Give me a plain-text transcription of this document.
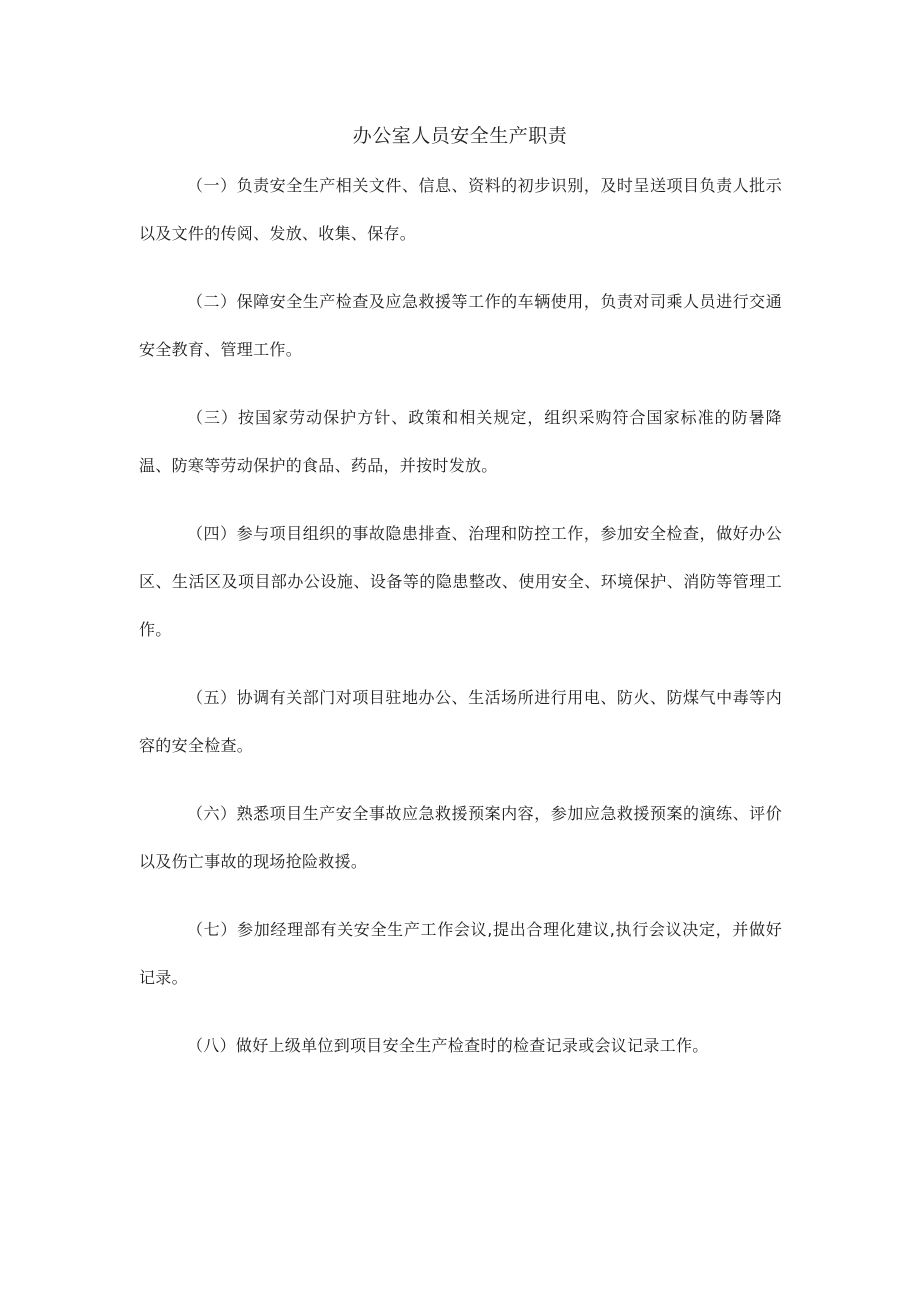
办公室人员安全生产职责

（一）负责安全生产相关文件、信息、资料的初步识别，及时呈送项目负责人批示以及文件的传阅、发放、收集、保存。

（二）保障安全生产检查及应急救援等工作的车辆使用，负责对司乘人员进行交通安全教育、管理工作。

（三）按国家劳动保护方针、政策和相关规定，组织采购符合国家标准的防暑降温、防寒等劳动保护的食品、药品，并按时发放。

（四）参与项目组织的事故隐患排查、治理和防控工作，参加安全检查，做好办公区、生活区及项目部办公设施、设备等的隐患整改、使用安全、环境保护、消防等管理工作。

（五）协调有关部门对项目驻地办公、生活场所进行用电、防火、防煤气中毒等内容的安全检查。

（六）熟悉项目生产安全事故应急救援预案内容，参加应急救援预案的演练、评价以及伤亡事故的现场抢险救援。

（七）参加经理部有关安全生产工作会议,提出合理化建议,执行会议决定，并做好记录。

（八）做好上级单位到项目安全生产检查时的检查记录或会议记录工作。
